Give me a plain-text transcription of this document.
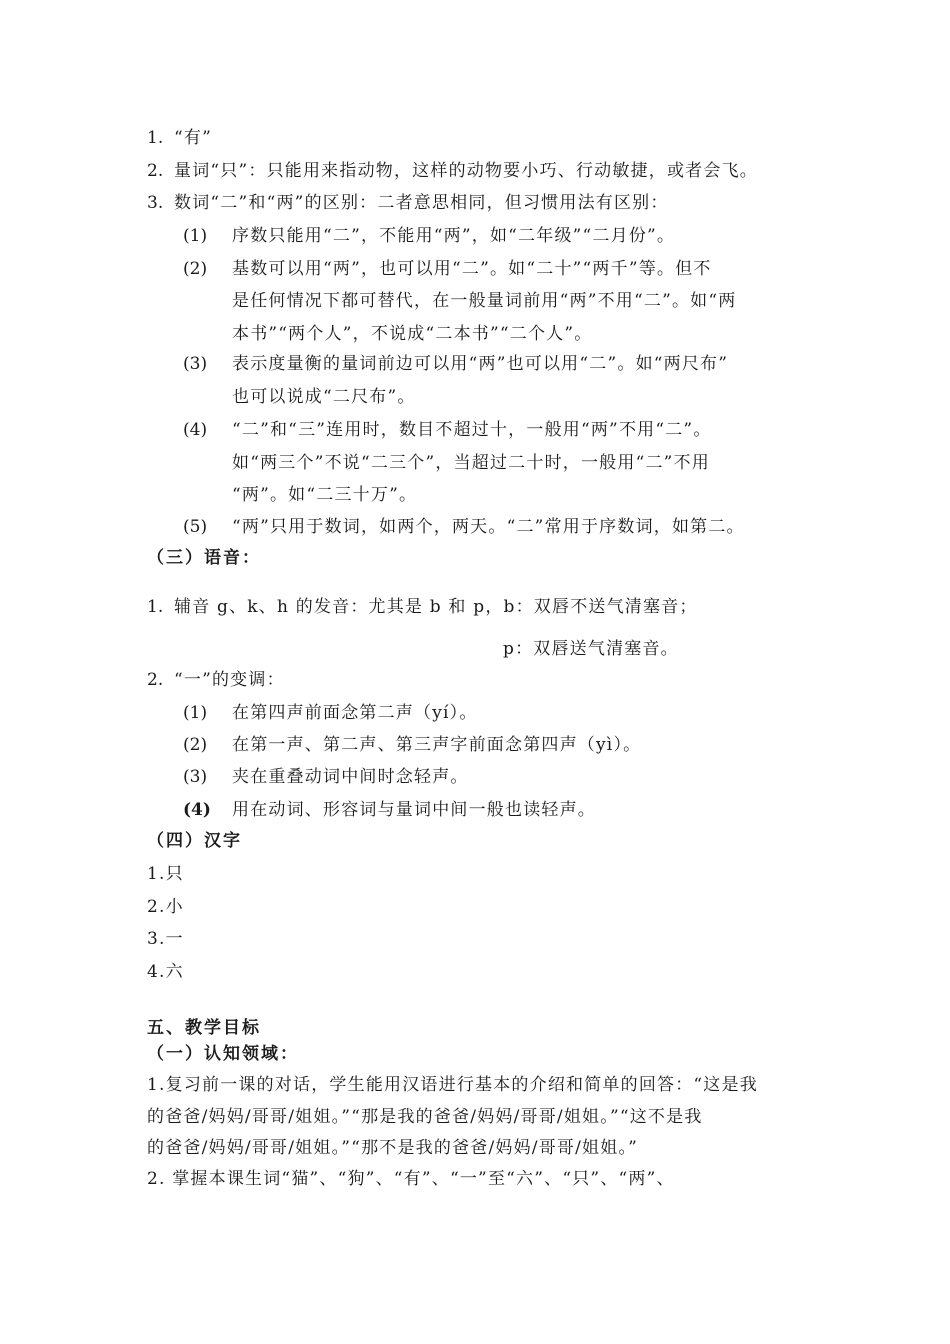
1. “有”
2. 量词“只”：只能用来指动物，这样的动物要小巧、行动敏捷，或者会飞。
3. 数词“二”和“两”的区别：二者意思相同，但习惯用法有区别：
(1) 序数只能用“二”，不能用“两”，如“二年级”“二月份”。
(2) 基数可以用“两”，也可以用“二”。如“二十”“两千”等。但不
是任何情况下都可替代，在一般量词前用“两”不用“二”。如“两
本书”“两个人”，不说成“二本书”“二个人”。
(3) 表示度量衡的量词前边可以用“两”也可以用“二”。如“两尺布”
也可以说成“二尺布”。
(4) “二”和“三”连用时，数目不超过十，一般用“两”不用“二”。
如“两三个”不说“二三个”，当超过二十时，一般用“二”不用
“两”。如“二三十万”。
(5) “两”只用于数词，如两个，两天。“二”常用于序数词，如第二。
（三）语音：
1. 辅音 g、k、h 的发音：尤其是 b 和 p，b：双唇不送气清塞音；
p：双唇送气清塞音。
2. “一”的变调：
(1) 在第四声前面念第二声（yí）。
(2) 在第一声、第二声、第三声字前面念第四声（yì）。
(3) 夹在重叠动词中间时念轻声。
(4) 用在动词、形容词与量词中间一般也读轻声。
（四）汉字
1.只
2.小
3.一
4.六
五、教学目标
（一）认知领域：
1.复习前一课的对话，学生能用汉语进行基本的介绍和简单的回答：“这是我
的爸爸/妈妈/哥哥/姐姐。”“那是我的爸爸/妈妈/哥哥/姐姐。”“这不是我
的爸爸/妈妈/哥哥/姐姐。”“那不是我的爸爸/妈妈/哥哥/姐姐。”
2. 掌握本课生词“猫”、“狗”、“有”、“一”至“六”、“只”、“两”、
